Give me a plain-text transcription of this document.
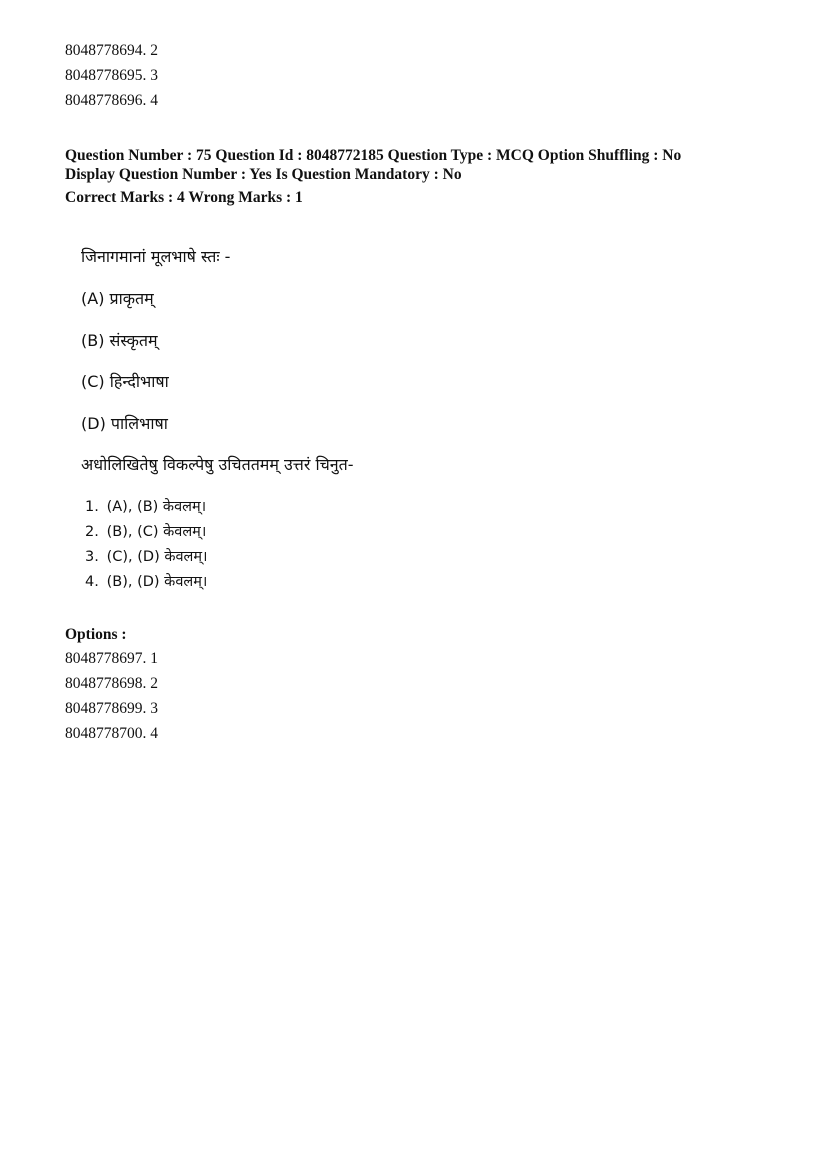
8048778694. 2
8048778695. 3
8048778696. 4
Question Number : 75 Question Id : 8048772185 Question Type : MCQ Option Shuffling : No
Display Question Number : Yes Is Question Mandatory : No
Correct Marks : 4 Wrong Marks : 1
जिनागमानां मूलभाषे स्तः -
(A) प्राकृतम्
(B) संस्कृतम्
(C) हिन्दीभाषा
(D) पालिभाषा
अधोलिखितेषु विकल्पेषु उचिततमम् उत्तरं चिनुत-
1. (A), (B) केवलम्।
2. (B), (C) केवलम्।
3. (C), (D) केवलम्।
4. (B), (D) केवलम्।
Options :
8048778697. 1
8048778698. 2
8048778699. 3
8048778700. 4
